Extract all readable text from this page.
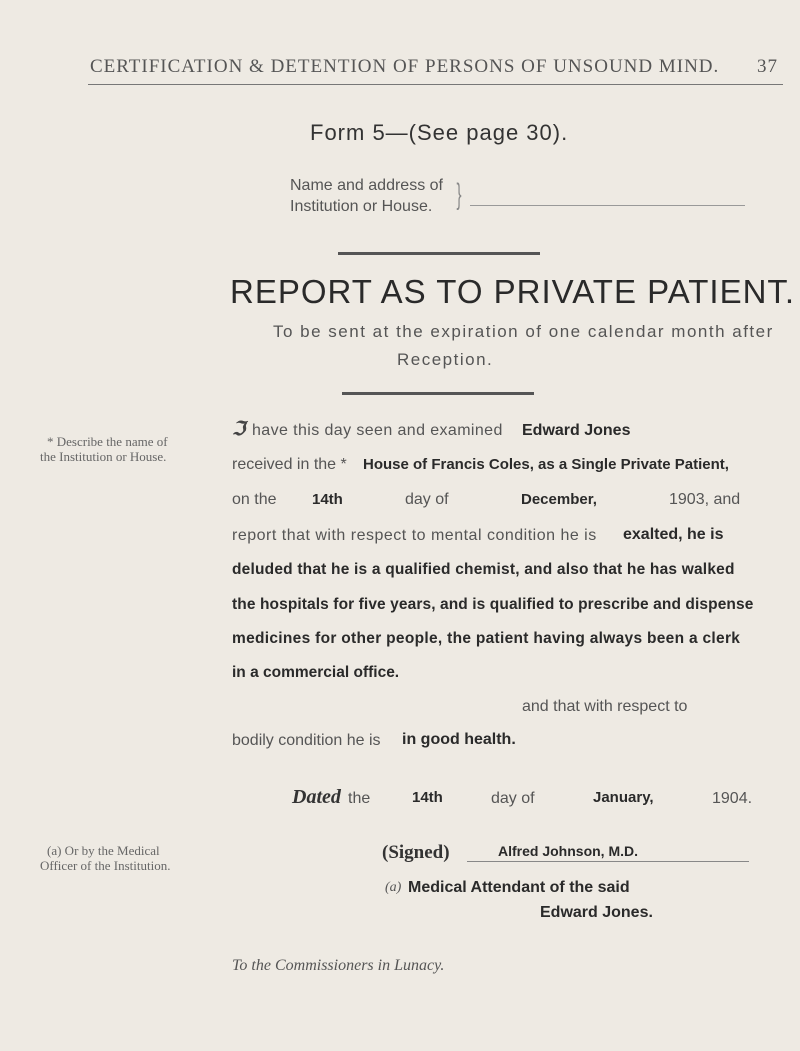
CERTIFICATION & DETENTION OF PERSONS OF UNSOUND MIND. 37
Form 5—(See page 30).
Name and address of
Institution or House. }
REPORT AS TO PRIVATE PATIENT.
To be sent at the expiration of one calendar month after
Reception.
* Describe the name of
the Institution or House.
ℑ have this day seen and examined Edward Jones
received in the * House of Francis Coles, as a Single Private Patient,
on the 14th	day of	December,	1903, and
report that with respect to mental condition he is exalted, he is
deluded that he is a qualified chemist, and also that he has walked
the hospitals for five years, and is qualified to prescribe and dispense
medicines for other people, the patient having always been a clerk
in a commercial office.
and that with respect to
bodily condition he is in good health.
Dated the	14th	day of	January,	1904.
(a) Or by the Medical
Officer of the Institution.
(Signed)	Alfred Johnson, M.D.
(a) Medical Attendant of the said
Edward Jones.
To the Commissioners in Lunacy.
